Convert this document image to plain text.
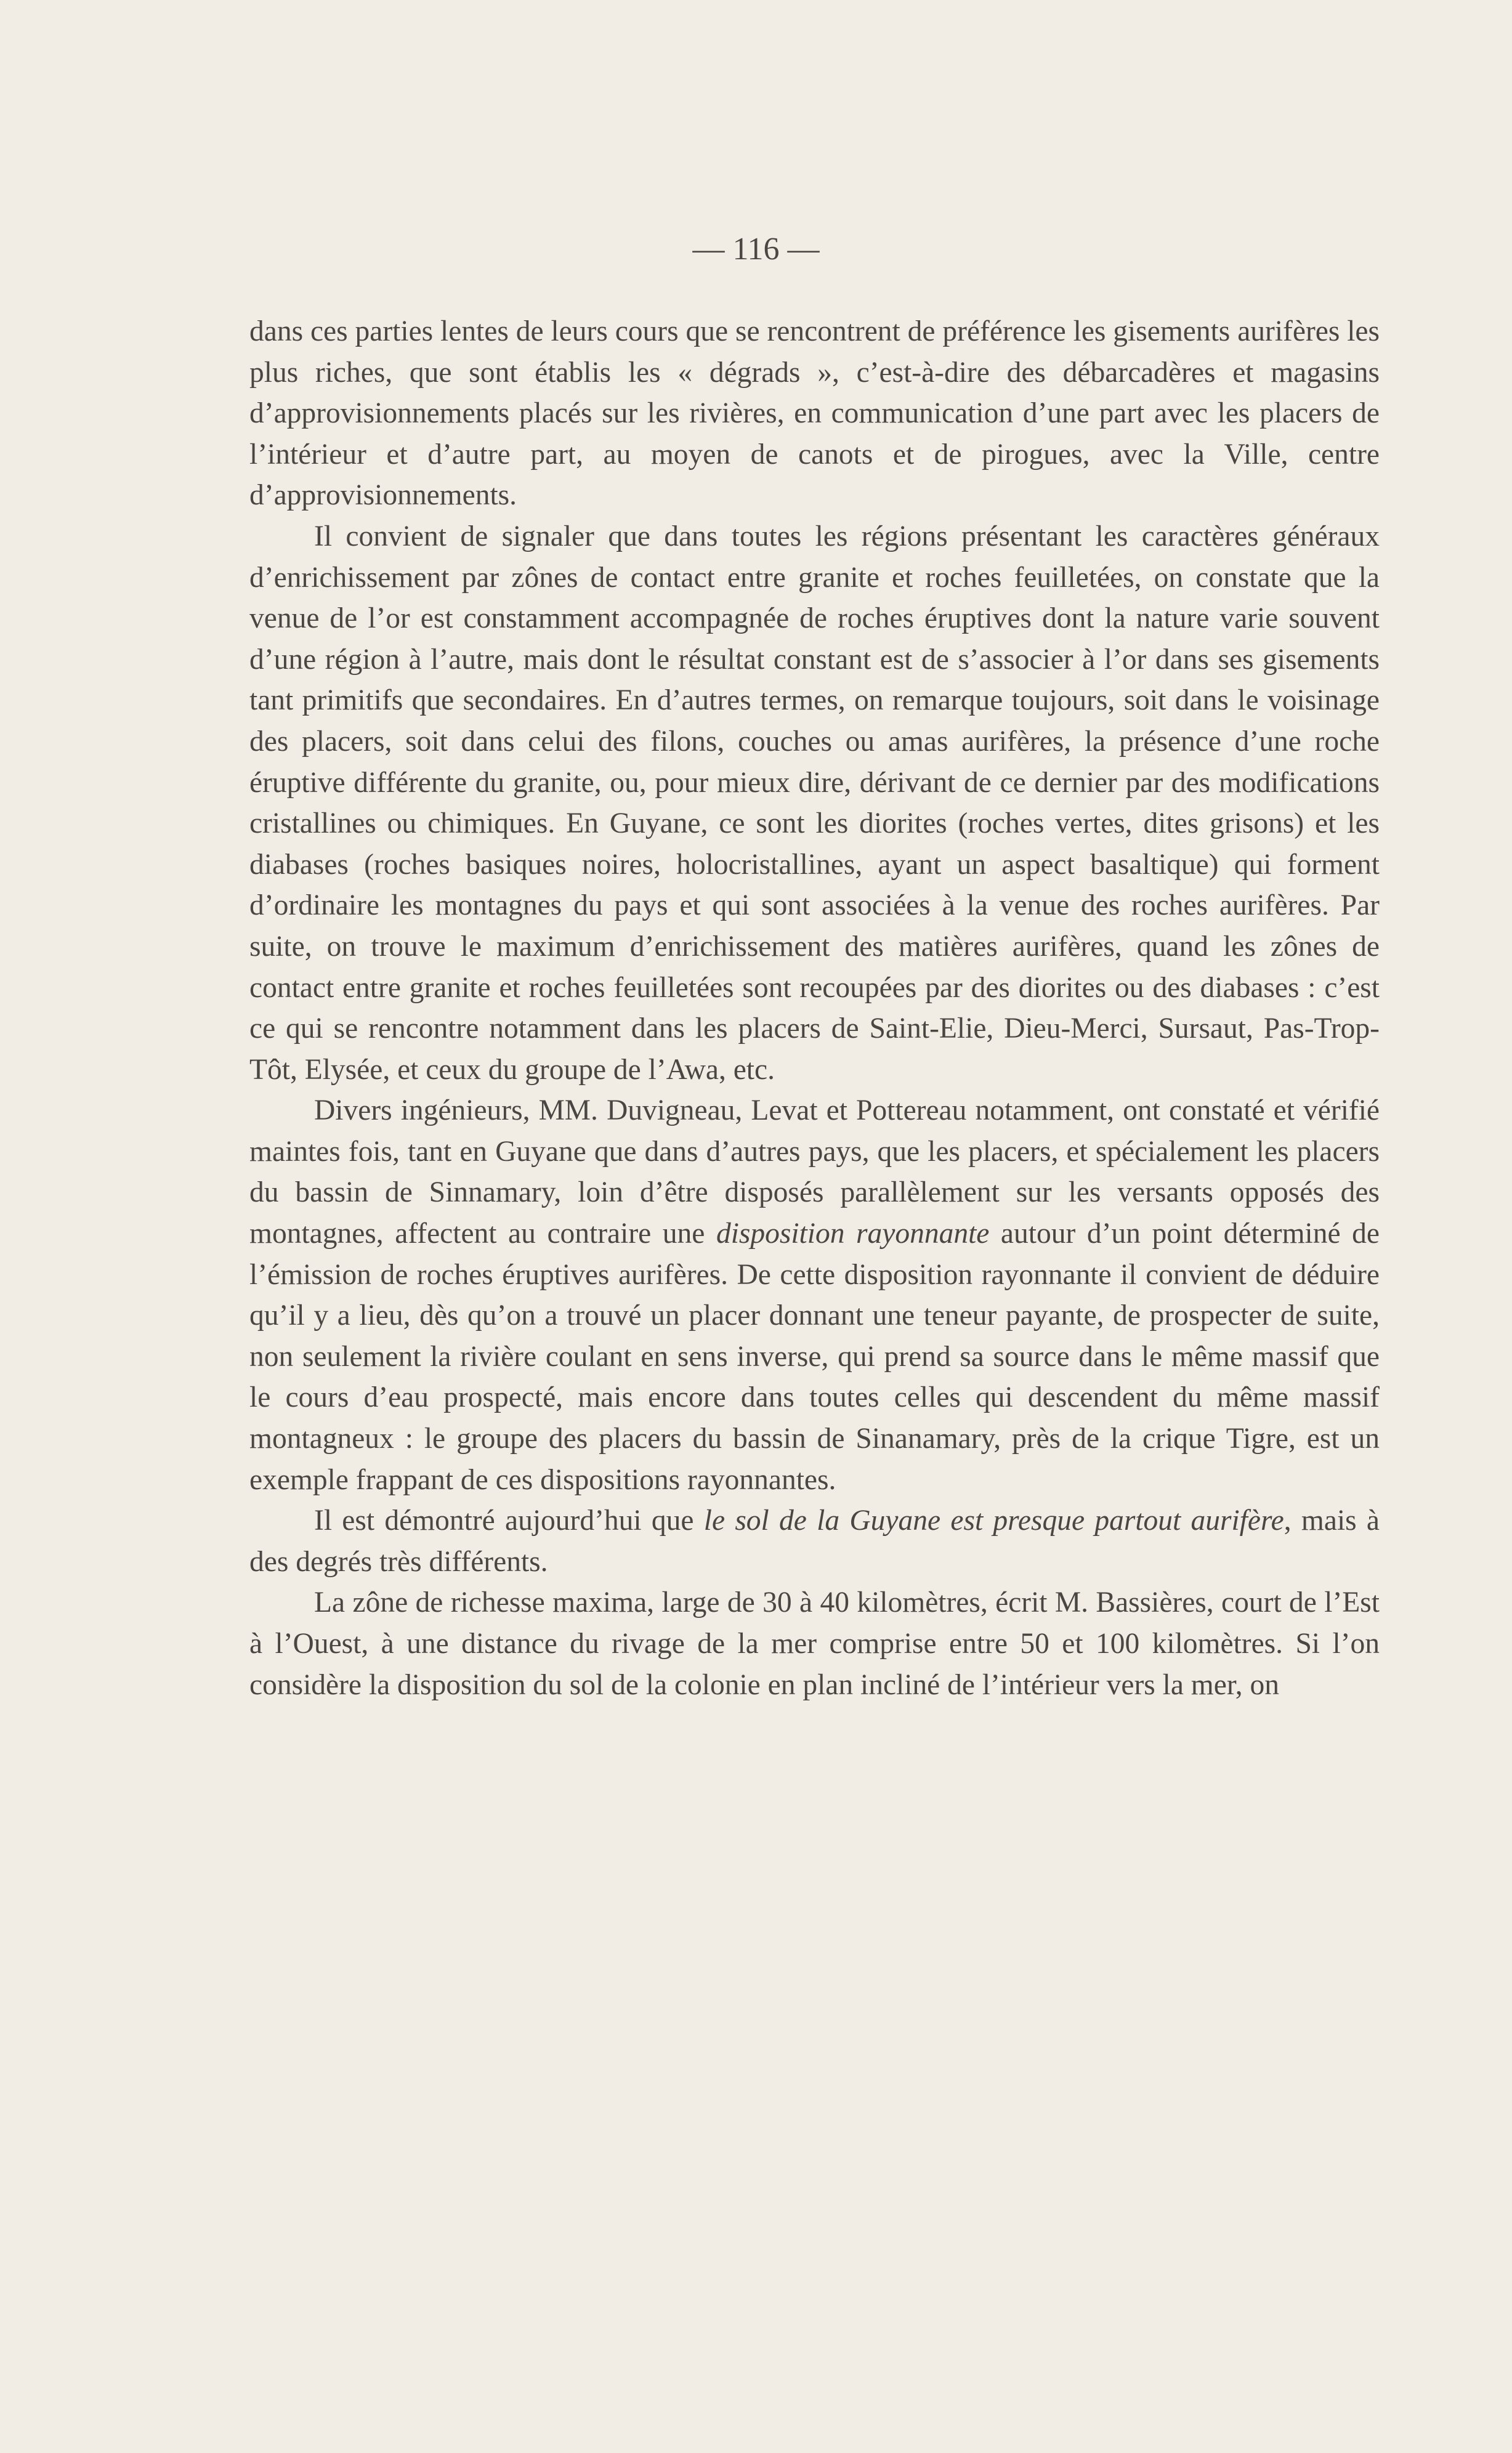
— 116 —

dans ces parties lentes de leurs cours que se rencontrent de préférence les gisements aurifères les plus riches, que sont établis les « dégrads », c’est-à-dire des débarcadères et magasins d’approvisionnements placés sur les rivières, en communication d’une part avec les placers de l’intérieur et d’autre part, au moyen de canots et de pirogues, avec la Ville, centre d’approvisionnements.

Il convient de signaler que dans toutes les régions présentant les caractères généraux d’enrichissement par zônes de contact entre granite et roches feuilletées, on constate que la venue de l’or est constamment accompagnée de roches éruptives dont la nature varie souvent d’une région à l’autre, mais dont le résultat constant est de s’associer à l’or dans ses gisements tant primitifs que secondaires. En d’autres termes, on remarque toujours, soit dans le voisinage des placers, soit dans celui des filons, couches ou amas aurifères, la présence d’une roche éruptive différente du granite, ou, pour mieux dire, dérivant de ce dernier par des modifications cristallines ou chimiques. En Guyane, ce sont les diorites (roches vertes, dites grisons) et les diabases (roches basiques noires, holocristallines, ayant un aspect basaltique) qui forment d’ordinaire les montagnes du pays et qui sont associées à la venue des roches aurifères. Par suite, on trouve le maximum d’enrichissement des matières aurifères, quand les zônes de contact entre granite et roches feuilletées sont recoupées par des diorites ou des diabases : c’est ce qui se rencontre notamment dans les placers de Saint-Elie, Dieu-Merci, Sursaut, Pas-Trop-Tôt, Elysée, et ceux du groupe de l’Awa, etc.

Divers ingénieurs, MM. Duvigneau, Levat et Pottereau notamment, ont constaté et vérifié maintes fois, tant en Guyane que dans d’autres pays, que les placers, et spécialement les placers du bassin de Sinnamary, loin d’être disposés parallèlement sur les versants opposés des montagnes, affectent au contraire une disposition rayonnante autour d’un point déterminé de l’émission de roches éruptives aurifères. De cette disposition rayonnante il convient de déduire qu’il y a lieu, dès qu’on a trouvé un placer donnant une teneur payante, de prospecter de suite, non seulement la rivière coulant en sens inverse, qui prend sa source dans le même massif que le cours d’eau prospecté, mais encore dans toutes celles qui descendent du même massif montagneux : le groupe des placers du bassin de Sinanamary, près de la crique Tigre, est un exemple frappant de ces dispositions rayonnantes.

Il est démontré aujourd’hui que le sol de la Guyane est presque partout aurifère, mais à des degrés très différents.

La zône de richesse maxima, large de 30 à 40 kilomètres, écrit M. Bassières, court de l’Est à l’Ouest, à une distance du rivage de la mer comprise entre 50 et 100 kilomètres. Si l’on considère la disposition du sol de la colonie en plan incliné de l’intérieur vers la mer, on
